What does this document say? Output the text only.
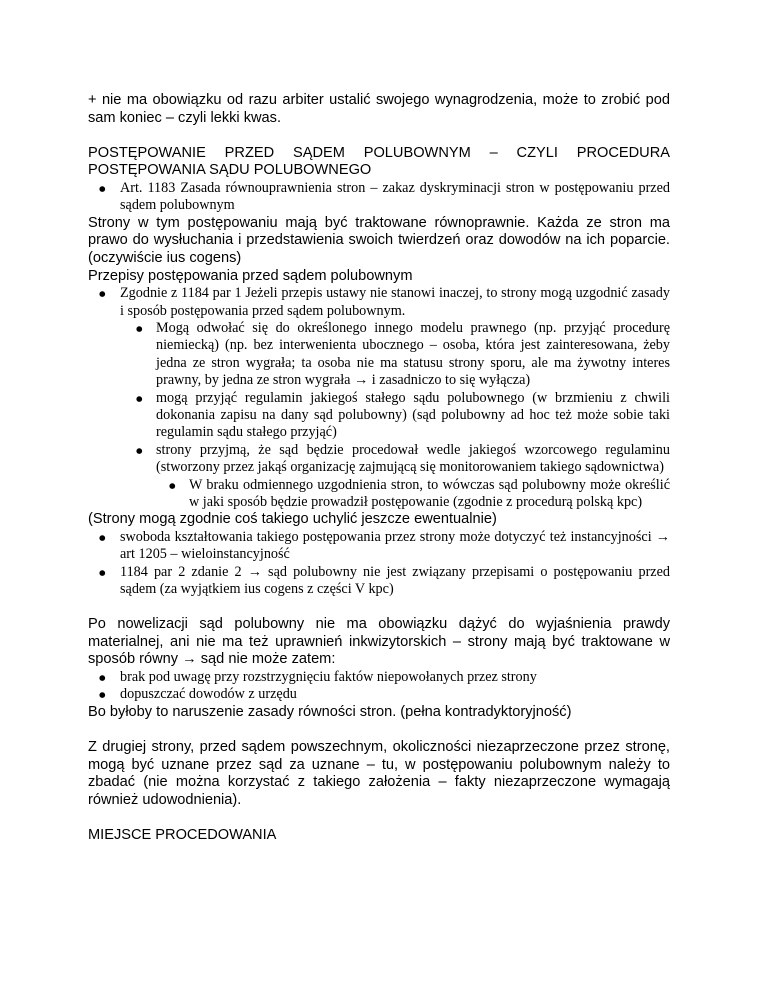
+ nie ma obowiązku od razu arbiter ustalić swojego wynagrodzenia, może to zrobić pod sam koniec – czyli lekki kwas.

POSTĘPOWANIE PRZED SĄDEM POLUBOWNYM – CZYLI PROCEDURA POSTĘPOWANIA SĄDU POLUBOWNEGO

● Art. 1183 Zasada równouprawnienia stron – zakaz dyskryminacji stron w postępowaniu przed sądem polubownym

Strony w tym postępowaniu mają być traktowane równoprawnie. Każda ze stron ma prawo do wysłuchania i przedstawienia swoich twierdzeń oraz dowodów na ich poparcie. (oczywiście ius cogens)

Przepisy postępowania przed sądem polubownym

● Zgodnie z 1184 par 1 Jeżeli przepis ustawy nie stanowi inaczej, to strony mogą uzgodnić zasady i sposób postępowania przed sądem polubownym.
● Mogą odwołać się do określonego innego modelu prawnego (np. przyjąć procedurę niemiecką) (np. bez interwenienta ubocznego – osoba, która jest zainteresowana, żeby jedna ze stron wygrała; ta osoba nie ma statusu strony sporu, ale ma żywotny interes prawny, by jedna ze stron wygrała → i zasadniczo to się wyłącza)
● mogą przyjąć regulamin jakiegoś stałego sądu polubownego (w brzmieniu z chwili dokonania zapisu na dany sąd polubowny) (sąd polubowny ad hoc też może sobie taki regulamin sądu stałego przyjąć)
● strony przyjmą, że sąd będzie procedował wedle jakiegoś wzorcowego regulaminu (stworzony przez jakąś organizację zajmującą się monitorowaniem takiego sądownictwa)
● W braku odmiennego uzgodnienia stron, to wówczas sąd polubowny może określić w jaki sposób będzie prowadził postępowanie (zgodnie z procedurą polską kpc)

(Strony mogą zgodnie coś takiego uchylić jeszcze ewentualnie)

● swoboda kształtowania takiego postępowania przez strony może dotyczyć też instancyjności → art 1205 – wieloinstancyjność
● 1184 par 2 zdanie 2 → sąd polubowny nie jest związany przepisami o postępowaniu przed sądem (za wyjątkiem ius cogens z części V kpc)

Po nowelizacji sąd polubowny nie ma obowiązku dążyć do wyjaśnienia prawdy materialnej, ani nie ma też uprawnień inkwizytorskich – strony mają być traktowane w sposób równy → sąd nie może zatem:

● brak pod uwagę przy rozstrzygnięciu faktów niepowołanych przez strony
● dopuszczać dowodów z urzędu

Bo byłoby to naruszenie zasady równości stron. (pełna kontradyktoryjność)

Z drugiej strony, przed sądem powszechnym, okoliczności niezaprzeczone przez stronę, mogą być uznane przez sąd za uznane – tu, w postępowaniu polubownym należy to zbadać (nie można korzystać z takiego założenia – fakty niezaprzeczone wymagają również udowodnienia).

MIEJSCE PROCEDOWANIA
